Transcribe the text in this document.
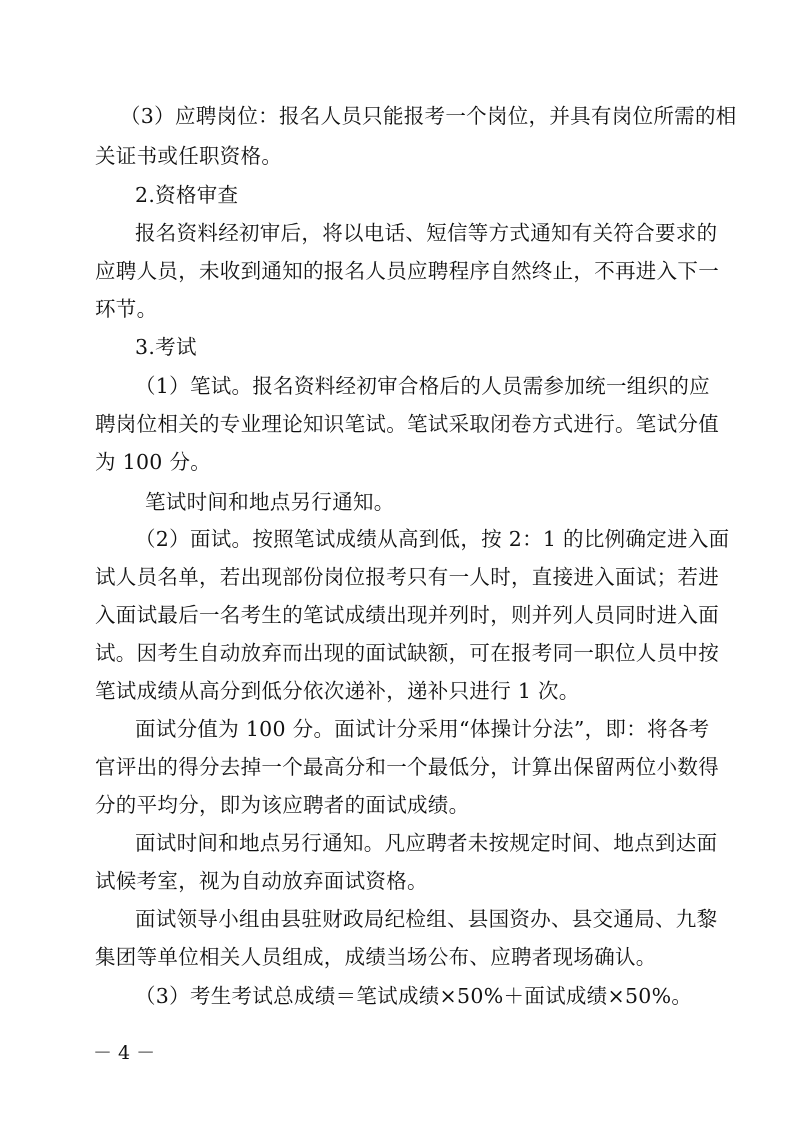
（3）应聘岗位：报名人员只能报考一个岗位，并具有岗位所需的相
关证书或任职资格。
2.资格审查
报名资料经初审后，将以电话、短信等方式通知有关符合要求的
应聘人员，未收到通知的报名人员应聘程序自然终止，不再进入下一
环节。
3.考试
（1）笔试。报名资料经初审合格后的人员需参加统一组织的应
聘岗位相关的专业理论知识笔试。笔试采取闭卷方式进行。笔试分值
为 100 分。
笔试时间和地点另行通知。
（2）面试。按照笔试成绩从高到低，按 2：1 的比例确定进入面
试人员名单，若出现部份岗位报考只有一人时，直接进入面试；若进
入面试最后一名考生的笔试成绩出现并列时，则并列人员同时进入面
试。因考生自动放弃而出现的面试缺额，可在报考同一职位人员中按
笔试成绩从高分到低分依次递补，递补只进行 1 次。
面试分值为 100 分。面试计分采用“体操计分法”，即：将各考
官评出的得分去掉一个最高分和一个最低分，计算出保留两位小数得
分的平均分，即为该应聘者的面试成绩。
面试时间和地点另行通知。凡应聘者未按规定时间、地点到达面
试候考室，视为自动放弃面试资格。
面试领导小组由县驻财政局纪检组、县国资办、县交通局、九黎
集团等单位相关人员组成，成绩当场公布、应聘者现场确认。
（3）考生考试总成绩＝笔试成绩×50%＋面试成绩×50%。
－ 4 －
